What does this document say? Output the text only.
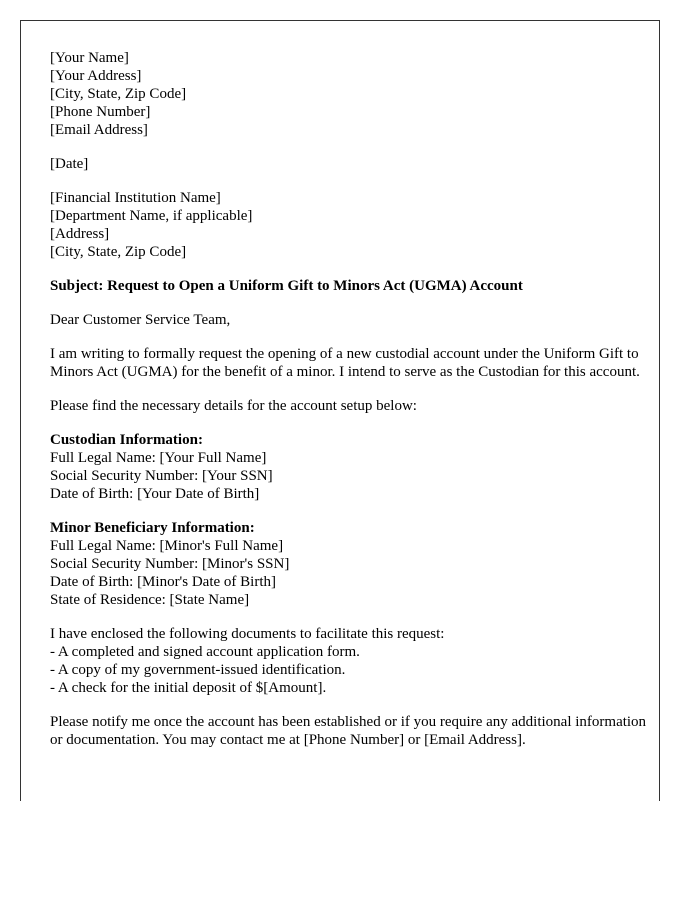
[Your Name]
[Your Address]
[City, State, Zip Code]
[Phone Number]
[Email Address]
[Date]
[Financial Institution Name]
[Department Name, if applicable]
[Address]
[City, State, Zip Code]
Subject: Request to Open a Uniform Gift to Minors Act (UGMA) Account
Dear Customer Service Team,
I am writing to formally request the opening of a new custodial account under the Uniform Gift to Minors Act (UGMA) for the benefit of a minor. I intend to serve as the Custodian for this account.
Please find the necessary details for the account setup below:
Custodian Information:
Full Legal Name: [Your Full Name]
Social Security Number: [Your SSN]
Date of Birth: [Your Date of Birth]
Minor Beneficiary Information:
Full Legal Name: [Minor's Full Name]
Social Security Number: [Minor's SSN]
Date of Birth: [Minor's Date of Birth]
State of Residence: [State Name]
I have enclosed the following documents to facilitate this request:
- A completed and signed account application form.
- A copy of my government-issued identification.
- A check for the initial deposit of $[Amount].
Please notify me once the account has been established or if you require any additional information or documentation. You may contact me at [Phone Number] or [Email Address].
